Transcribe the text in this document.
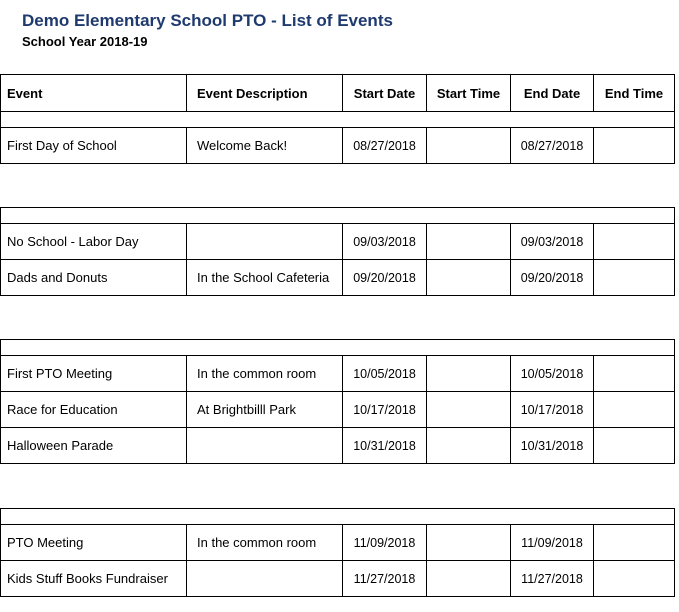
Demo Elementary School PTO - List of Events
School Year 2018-19
Event	Event Description	Start Date	Start Time	End Date	End Time

First Day of School	Welcome Back!	08/27/2018		08/27/2018	

No School - Labor Day		09/03/2018		09/03/2018	
Dads and Donuts	In the School Cafeteria	09/20/2018		09/20/2018	

First PTO Meeting	In the common room	10/05/2018		10/05/2018	
Race for Education	At Brightbilll Park	10/17/2018		10/17/2018	
Halloween Parade		10/31/2018		10/31/2018	

PTO Meeting	In the common room	11/09/2018		11/09/2018	
Kids Stuff Books Fundraiser		11/27/2018		11/27/2018	
